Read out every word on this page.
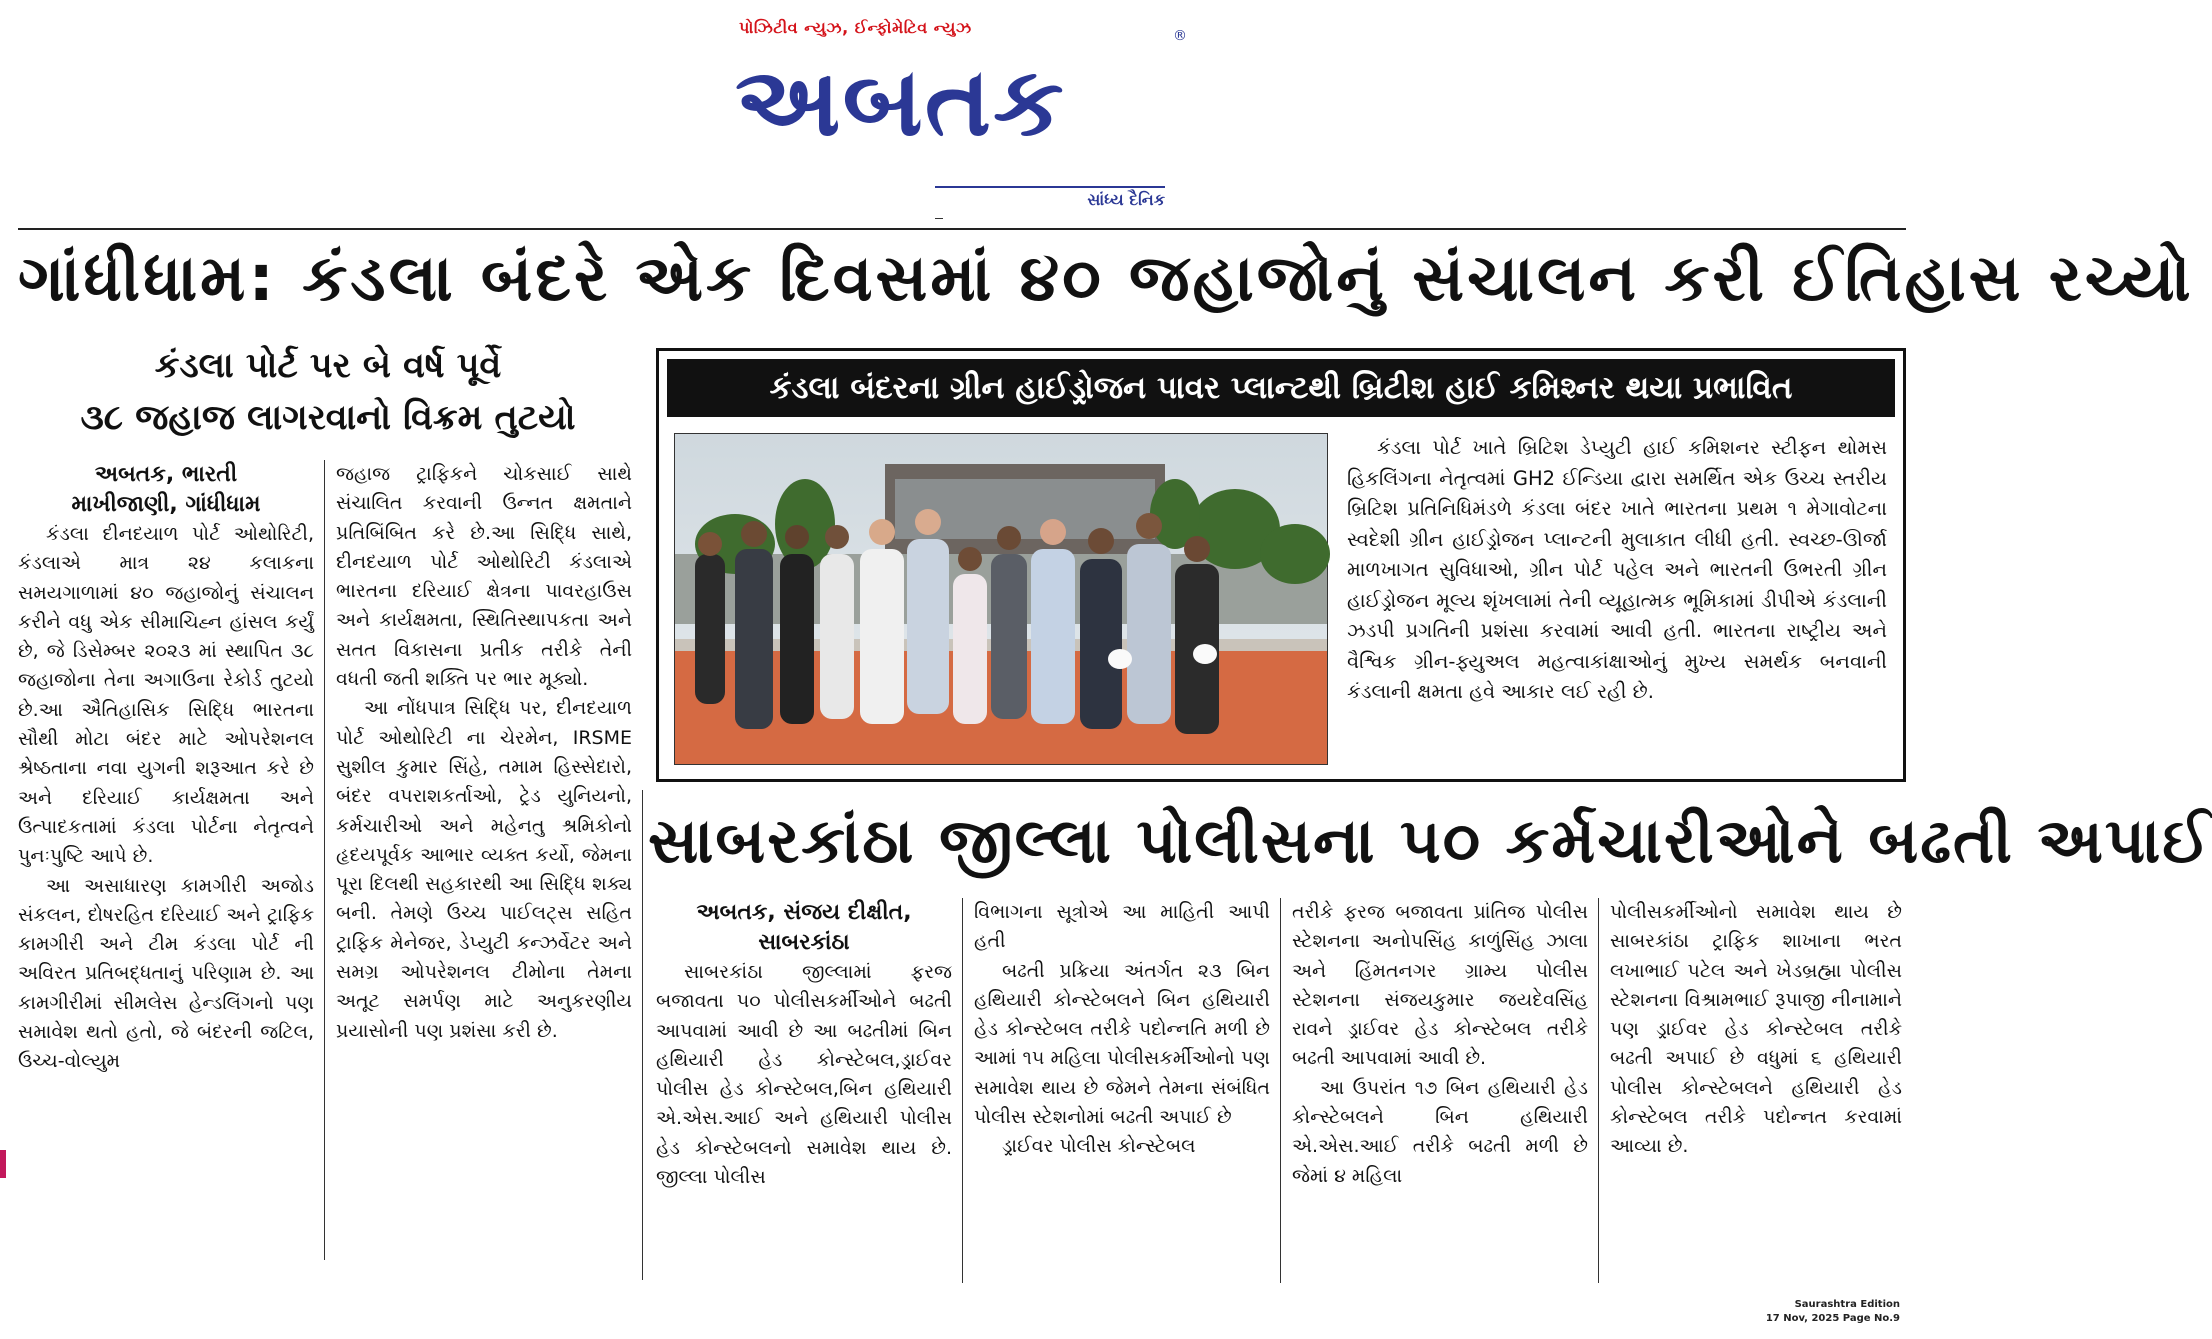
પોઝિટીવ ન્યુઝ, ઈન્ફોમેટિવ ન્યુઝ
અબતક
®
સાંધ્ય દૈનિક
ગાંધીધામ: કંડલા બંદરે એક દિવસમાં ૪૦ જહાજોનું સંચાલન કરી ઈતિહાસ રચ્યો
કંડલા પોર્ટ પર બે વર્ષ પૂર્વે
૩૮ જહાજ લાગરવાનો વિક્રમ તુટયો

અબતક, ભારતી

માખીજાણી, ગાંધીધામ

કંડલા દીનદયાળ પોર્ટ ઓથોરિટી, કંડલાએ માત્ર ૨૪ કલાકના સમયગાળામાં ૪૦ જહાજોનું સંચાલન કરીને વધુ એક સીમાચિહ્ન હાંસલ કર્યું છે, જે ડિસેમ્બર ૨૦૨૩ માં સ્થાપિત ૩૮ જહાજોના તેના અગાઉના રેકોર્ડ તુટયો છે.આ ઐતિહાસિક સિદ્ધિ ભારતના સૌથી મોટા બંદર માટે ઓપરેશનલ શ્રેષ્ઠતાના નવા યુગની શરૂઆત કરે છે અને દરિયાઈ કાર્યક્ષમતા અને ઉત્પાદકતામાં કંડલા પોર્ટના નેતૃત્વને પુનઃપુષ્ટિ આપે છે.

આ અસાધારણ કામગીરી અજોડ સંકલન, દોષરહિત દરિયાઈ અને ટ્રાફિક કામગીરી અને ટીમ કંડલા પોર્ટ ની અવિરત પ્રતિબદ્ધતાનું પરિણામ છે. આ કામગીરીમાં સીમલેસ હેન્ડલિંગનો પણ સમાવેશ થતો હતો, જે બંદરની જટિલ, ઉચ્ચ-વોલ્યુમ

જહાજ ટ્રાફિકને ચોકસાઈ સાથે સંચાલિત કરવાની ઉન્નત ક્ષમતાને પ્રતિબિંબિત કરે છે.આ સિદ્ધિ સાથે, દીનદયાળ પોર્ટ ઓથોરિટી કંડલાએ ભારતના દરિયાઈ ક્ષેત્રના પાવરહાઉસ અને કાર્યક્ષમતા, સ્થિતિસ્થાપકતા અને સતત વિકાસના પ્રતીક તરીકે તેની વધતી જતી શક્તિ પર ભાર મૂક્યો.

આ નોંધપાત્ર સિદ્ધિ પર, દીનદયાળ પોર્ટ ઓથોરિટી ના ચેરમેન, IRSME સુશીલ કુમાર સિંહે, તમામ હિસ્સેદારો, બંદર વપરાશકર્તાઓ, ટ્રેડ યુનિયનો, કર્મચારીઓ અને મહેનતુ શ્રમિકોનો હૃદયપૂર્વક આભાર વ્યક્ત કર્યો, જેમના પૂરા દિલથી સહકારથી આ સિદ્ધિ શક્ય બની. તેમણે ઉચ્ચ પાઈલટ્સ સહિત ટ્રાફિક મેનેજર, ડેપ્યુટી કન્ઝર્વેટર અને સમગ્ર ઓપરેશનલ ટીમોના તેમના અતૂટ સમર્પણ માટે અનુકરણીય પ્રયાસોની પણ પ્રશંસા કરી છે.

કંડલા બંદરના ગ્રીન હાઈડ્રોજન પાવર પ્લાન્ટથી બ્રિટીશ હાઈ કમિશ્નર થયા પ્રભાવિત

કંડલા પોર્ટ ખાતે બ્રિટિશ ડેપ્યુટી હાઈ કમિશનર સ્ટીફન થોમસ હિકલિંગના નેતૃત્વમાં GH2 ઈન્ડિયા દ્વારા સમર્થિત એક ઉચ્ચ સ્તરીય બ્રિટિશ પ્રતિનિધિમંડળે કંડલા બંદર ખાતે ભારતના પ્રથમ ૧ મેગાવોટના સ્વદેશી ગ્રીન હાઈડ્રોજન પ્લાન્ટની મુલાકાત લીધી હતી. સ્વચ્છ-ઊર્જા માળખાગત સુવિધાઓ, ગ્રીન પોર્ટ પહેલ અને ભારતની ઉભરતી ગ્રીન હાઈડ્રોજન મૂલ્ય શૃંખલામાં તેની વ્યૂહાત્મક ભૂમિકામાં ડીપીએ કંડલાની ઝડપી પ્રગતિની પ્રશંસા કરવામાં આવી હતી. ભારતના રાષ્ટ્રીય અને વૈશ્વિક ગ્રીન-ફ્યુઅલ મહત્વાકાંક્ષાઓનું મુખ્ય સમર્થક બનવાની કંડલાની ક્ષમતા હવે આકાર લઈ રહી છે.

સાબરકાંઠા જીલ્લા પોલીસના ૫૦ કર્મચારીઓને બઢતી અપાઈ

અબતક, સંજય દીક્ષીત,

સાબરકાંઠા

સાબરકાંઠા જીલ્લામાં ફરજ બજાવતા ૫૦ પોલીસકર્મીઓને બઢતી આપવામાં આવી છે આ બઢતીમાં બિન હથિયારી હેડ કોન્સ્ટેબલ,ડ્રાઈવર પોલીસ હેડ કોન્સ્ટેબલ,બિન હથિયારી એ.એસ.આઈ અને હથિયારી પોલીસ હેડ કોન્સ્ટેબલનો સમાવેશ થાય છે. જીલ્લા પોલીસ

વિભાગના સૂત્રોએ આ માહિતી આપી હતી

બઢતી પ્રક્રિયા અંતર્ગત ૨૩ બિન હથિયારી કોન્સ્ટેબલને બિન હથિયારી હેડ કોન્સ્ટેબલ તરીકે પદોન્નતિ મળી છે આમાં ૧૫ મહિલા પોલીસકર્મીઓનો પણ સમાવેશ થાય છે જેમને તેમના સંબંધિત પોલીસ સ્ટેશનોમાં બઢતી અપાઈ છે

ડ્રાઈવર પોલીસ કોન્સ્ટેબલ

તરીકે ફરજ બજાવતા પ્રાંતિજ પોલીસ સ્ટેશનના અનોપસિંહ કાળુંસિંહ ઝાલા અને હિંમતનગર ગ્રામ્ય પોલીસ સ્ટેશનના સંજયકુમાર જયદેવસિંહ રાવને ડ્રાઈવર હેડ કોન્સ્ટેબલ તરીકે બઢતી આપવામાં આવી છે.

આ ઉપરાંત ૧૭ બિન હથિયારી હેડ કોન્સ્ટેબલને બિન હથિયારી એ.એસ.આઈ તરીકે બઢતી મળી છે જેમાં ૪ મહિલા

પોલીસકર્મીઓનો સમાવેશ થાય છે સાબરકાંઠા ટ્રાફિક શાખાના ભરત લખાભાઈ પટેલ અને ખેડબ્રહ્મા પોલીસ સ્ટેશનના વિશ્રામભાઈ રૂપાજી નીનામાને પણ ડ્રાઈવર હેડ કોન્સ્ટેબલ તરીકે બઢતી અપાઈ છે વધુમાં ૬ હથિયારી પોલીસ કોન્સ્ટેબલને હથિયારી હેડ કોન્સ્ટેબલ તરીકે પદોન્નત કરવામાં આવ્યા છે.

Saurashtra Edition
17 Nov, 2025 Page No.9
